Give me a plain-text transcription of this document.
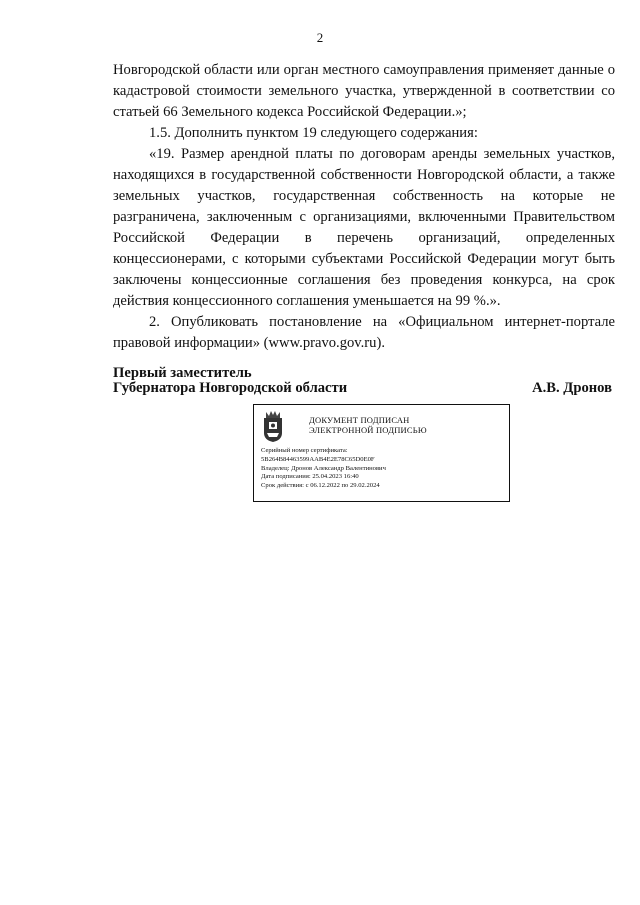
2

Новгородской области или орган местного самоуправления применяет данные о кадастровой стоимости земельного участка, утвержденной в соответствии со статьей 66 Земельного кодекса Российской Федерации.»;

1.5. Дополнить пунктом 19 следующего содержания:

«19. Размер арендной платы по договорам аренды земельных участков, находящихся в государственной собственности Новгородской области, а также земельных участков, государственная собственность на которые не разграничена, заключенным с организациями, включенными Правительством Российской Федерации в перечень организаций, определенных концессионерами, с которыми субъектами Российской Федерации могут быть заключены концессионные соглашения без проведения конкурса, на срок действия концессионного соглашения уменьшается на 99 %.».

2. Опубликовать постановление на «Официальном интернет-портале правовой информации» (www.pravo.gov.ru).

Первый заместитель
Губернатора Новгородской области	А.В. Дронов
ДОКУМЕНТ ПОДПИСАН
ЭЛЕКТРОННОЙ ПОДПИСЬЮ
Серийный номер сертификата:
5B264B84463599AAB4E2E78C65D0E0F
Владелец: Дронов Александр Валентинович
Дата подписания: 25.04.2023 16:40
Срок действия: с 06.12.2022 по 29.02.2024
